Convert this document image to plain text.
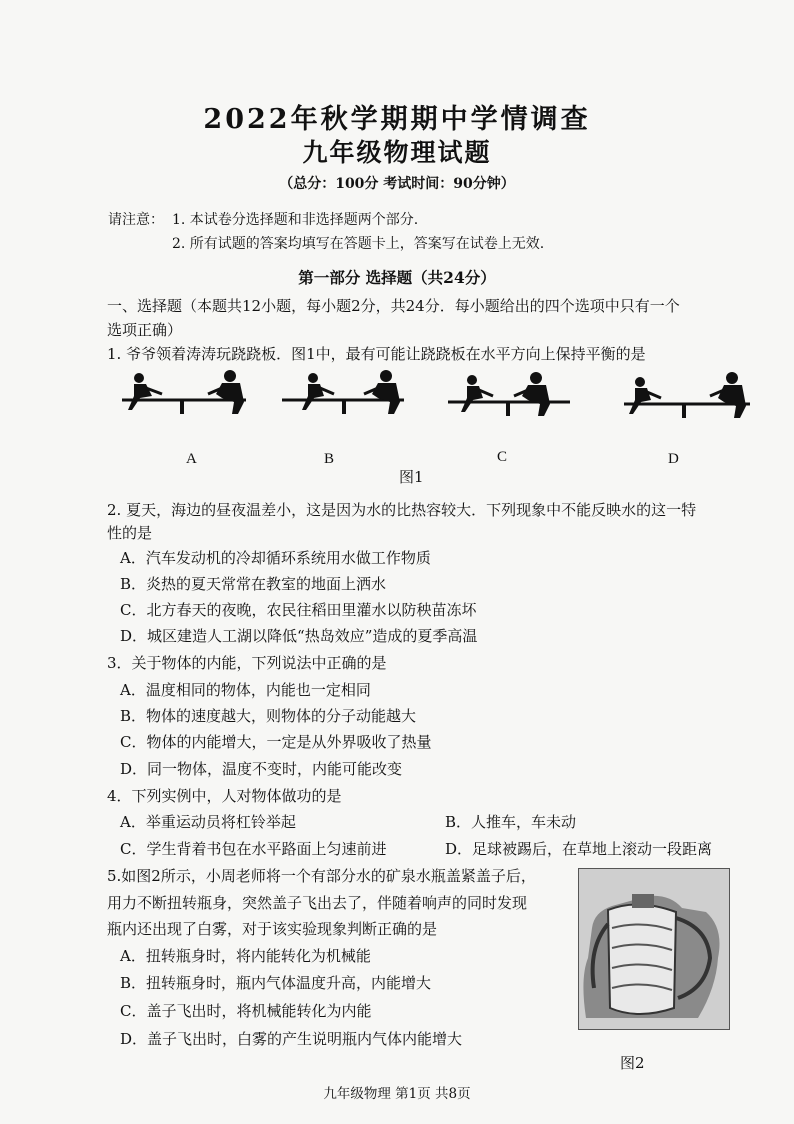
2022年秋学期期中学情调查
九年级物理试题
（总分：100分 考试时间：90分钟）
请注意： 1. 本试卷分选择题和非选择题两个部分.
2. 所有试题的答案均填写在答题卡上，答案写在试卷上无效.
第一部分 选择题（共24分）
一、选择题（本题共12小题，每小题2分，共24分．每小题给出的四个选项中只有一个
选项正确）
1. 爷爷领着涛涛玩跷跷板．图1中，最有可能让跷跷板在水平方向上保持平衡的是
A	B	C	D
图1
2. 夏天，海边的昼夜温差小，这是因为水的比热容较大．下列现象中不能反映水的这一特
性的是
A．汽车发动机的冷却循环系统用水做工作物质
B．炎热的夏天常常在教室的地面上洒水
C．北方春天的夜晚，农民往稻田里灌水以防秧苗冻坏
D．城区建造人工湖以降低“热岛效应”造成的夏季高温
3．关于物体的内能，下列说法中正确的是
A．温度相同的物体，内能也一定相同
B．物体的速度越大，则物体的分子动能越大
C．物体的内能增大，一定是从外界吸收了热量
D．同一物体，温度不变时，内能可能改变
4．下列实例中，人对物体做功的是
A．举重运动员将杠铃举起	B．人推车，车未动
C．学生背着书包在水平路面上匀速前进	D．足球被踢后，在草地上滚动一段距离
5.如图2所示，小周老师将一个有部分水的矿泉水瓶盖紧盖子后，
用力不断扭转瓶身，突然盖子飞出去了，伴随着响声的同时发现
瓶内还出现了白雾，对于该实验现象判断正确的是
A．扭转瓶身时，将内能转化为机械能
B．扭转瓶身时，瓶内气体温度升高，内能增大
C．盖子飞出时，将机械能转化为内能
D．盖子飞出时，白雾的产生说明瓶内气体内能增大
图2
九年级物理 第1页 共8页
